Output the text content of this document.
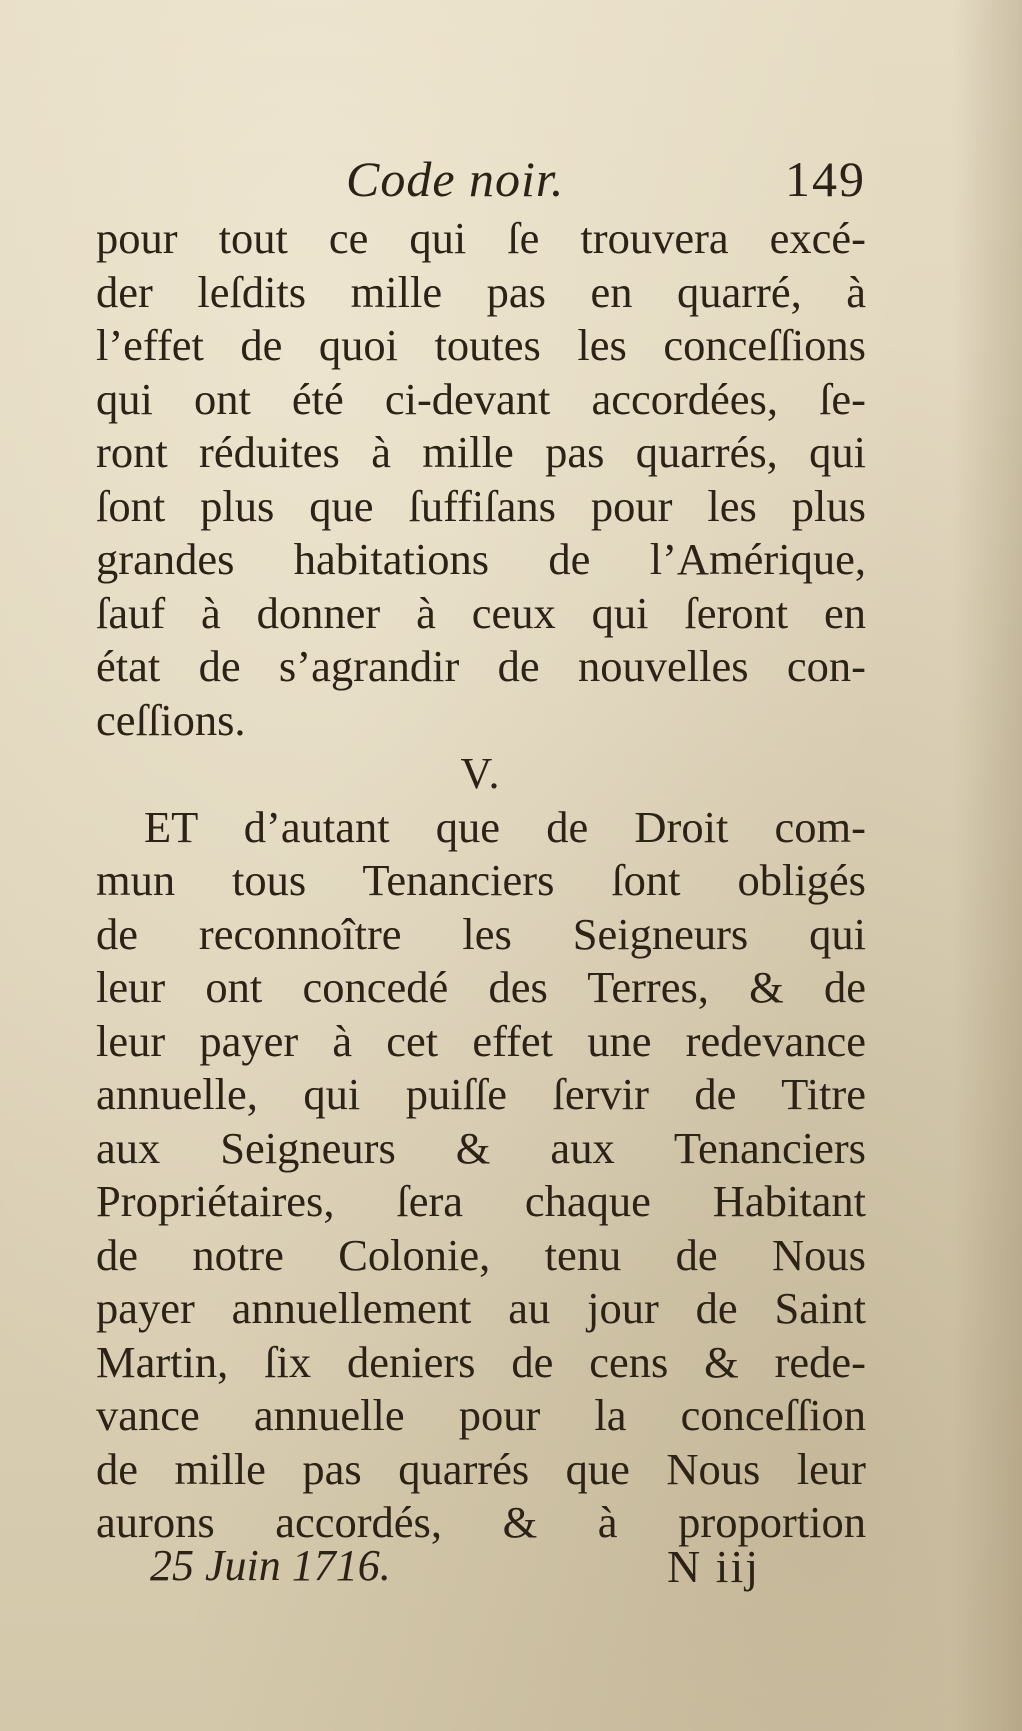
Code noir.	149
pour tout ce qui ſe trouvera excé-
der leſdits mille pas en quarré, à
l’effet de quoi toutes les conceſſions
qui ont été ci-devant accordées, ſe-
ront réduites à mille pas quarrés, qui
ſont plus que ſuffiſans pour les plus
grandes habitations de l’Amérique,
ſauf à donner à ceux qui ſeront en
état de s’agrandir de nouvelles con-
ceſſions.
V.
ET d’autant que de Droit com-
mun tous Tenanciers ſont obligés
de reconnoître les Seigneurs qui
leur ont concedé des Terres, & de
leur payer à cet effet une redevance
annuelle, qui puiſſe ſervir de Titre
aux Seigneurs & aux Tenanciers
Propriétaires, ſera chaque Habitant
de notre Colonie, tenu de Nous
payer annuellement au jour de Saint
Martin, ſix deniers de cens & rede-
vance annuelle pour la conceſſion
de mille pas quarrés que Nous leur
aurons accordés, & à proportion
25 Juin 1716.	N iij
